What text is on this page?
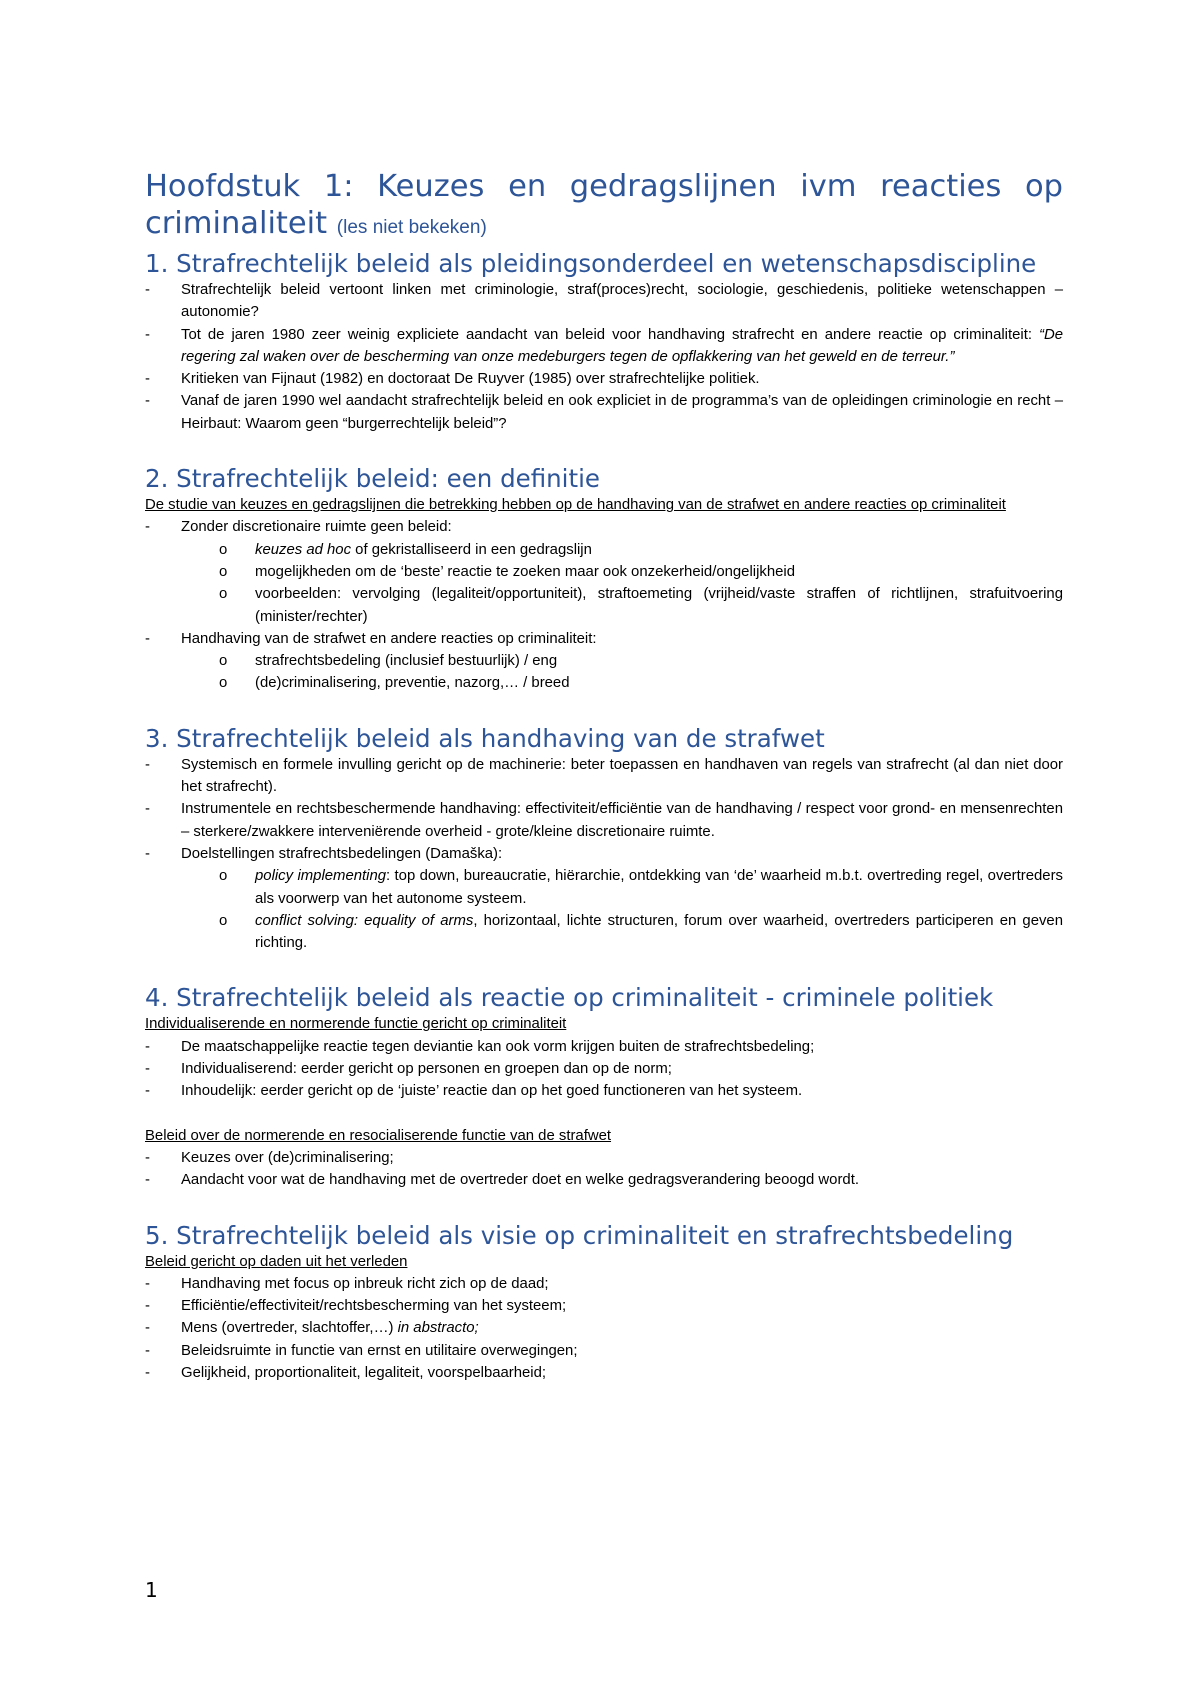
Hoofdstuk 1: Keuzes en gedragslijnen ivm reacties op criminaliteit (les niet bekeken)
1. Strafrechtelijk beleid als pleidingsonderdeel en wetenschapsdiscipline
- Strafrechtelijk beleid vertoont linken met criminologie, straf(proces)recht, sociologie, geschiedenis, politieke wetenschappen – autonomie?
- Tot de jaren 1980 zeer weinig expliciete aandacht van beleid voor handhaving strafrecht en andere reactie op criminaliteit: “De regering zal waken over de bescherming van onze medeburgers tegen de opflakkering van het geweld en de terreur.”
- Kritieken van Fijnaut (1982) en doctoraat De Ruyver (1985) over strafrechtelijke politiek.
- Vanaf de jaren 1990 wel aandacht strafrechtelijk beleid en ook expliciet in de programma’s van de opleidingen criminologie en recht – Heirbaut: Waarom geen “burgerrechtelijk beleid”?
2. Strafrechtelijk beleid: een definitie

De studie van keuzes en gedragslijnen die betrekking hebben op de handhaving van de strafwet en andere reacties op criminaliteit

- Zonder discretionaire ruimte geen beleid:
o keuzes ad hoc of gekristalliseerd in een gedragslijn
o mogelijkheden om de ‘beste’ reactie te zoeken maar ook onzekerheid/ongelijkheid
o voorbeelden: vervolging (legaliteit/opportuniteit), straftoemeting (vrijheid/vaste straffen of richtlijnen, strafuitvoering (minister/rechter)
- Handhaving van de strafwet en andere reacties op criminaliteit:
o strafrechtsbedeling (inclusief bestuurlijk) / eng
o (de)criminalisering, preventie, nazorg,… / breed
3. Strafrechtelijk beleid als handhaving van de strafwet
- Systemisch en formele invulling gericht op de machinerie: beter toepassen en handhaven van regels van strafrecht (al dan niet door het strafrecht).
- Instrumentele en rechtsbeschermende handhaving: effectiviteit/efficiëntie van de handhaving / respect voor grond- en mensenrechten – sterkere/zwakkere interveniërende overheid - grote/kleine discretionaire ruimte.
- Doelstellingen strafrechtsbedelingen (Damaška):
o policy implementing: top down, bureaucratie, hiërarchie, ontdekking van ‘de’ waarheid m.b.t. overtreding regel, overtreders als voorwerp van het autonome systeem.
o conflict solving: equality of arms, horizontaal, lichte structuren, forum over waarheid, overtreders participeren en geven richting.
4. Strafrechtelijk beleid als reactie op criminaliteit - criminele politiek

Individualiserende en normerende functie gericht op criminaliteit

- De maatschappelijke reactie tegen deviantie kan ook vorm krijgen buiten de strafrechtsbedeling;
- Individualiserend: eerder gericht op personen en groepen dan op de norm;
- Inhoudelijk: eerder gericht op de ‘juiste’ reactie dan op het goed functioneren van het systeem.

Beleid over de normerende en resocialiserende functie van de strafwet

- Keuzes over (de)criminalisering;
- Aandacht voor wat de handhaving met de overtreder doet en welke gedragsverandering beoogd wordt.
5. Strafrechtelijk beleid als visie op criminaliteit en strafrechtsbedeling

Beleid gericht op daden uit het verleden

- Handhaving met focus op inbreuk richt zich op de daad;
- Efficiëntie/effectiviteit/rechtsbescherming van het systeem;
- Mens (overtreder, slachtoffer,…) in abstracto;
- Beleidsruimte in functie van ernst en utilitaire overwegingen;
- Gelijkheid, proportionaliteit, legaliteit, voorspelbaarheid;
1
